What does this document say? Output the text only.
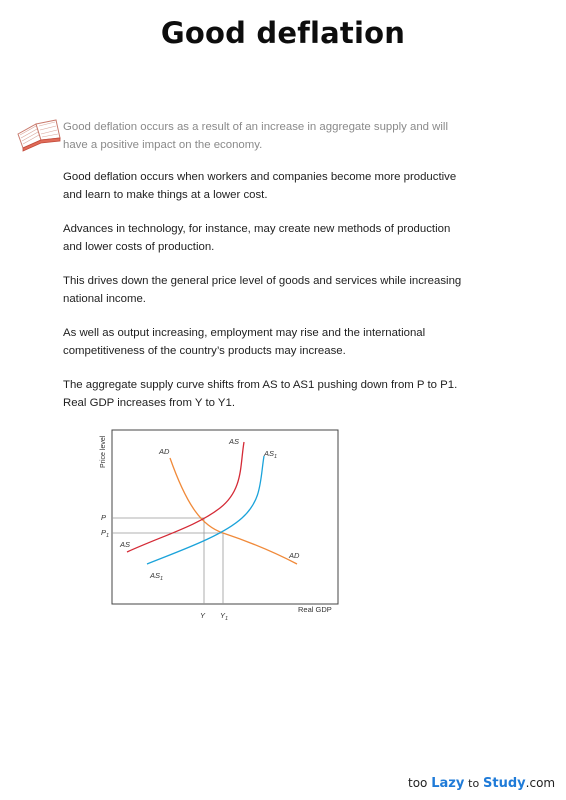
Good deflation
Good deflation occurs as a result of an increase in aggregate supply and will have a positive impact on the economy.
Good deflation occurs when workers and companies become more productive and learn to make things at a lower cost.
Advances in technology, for instance, may create new methods of production and lower costs of production.
This drives down the general price level of goods and services while increasing national income.
As well as output increasing, employment may rise and the international competitiveness of the country’s products may increase.
The aggregate supply curve shifts from AS to AS1 pushing down from P to P1. Real GDP increases from Y to Y1.
Price level
Real GDP
AS
$AS_1$
AD
AS
$AS_1$
AD
P
$P_1$
Y $Y_1$
too Lazy to Study.com
